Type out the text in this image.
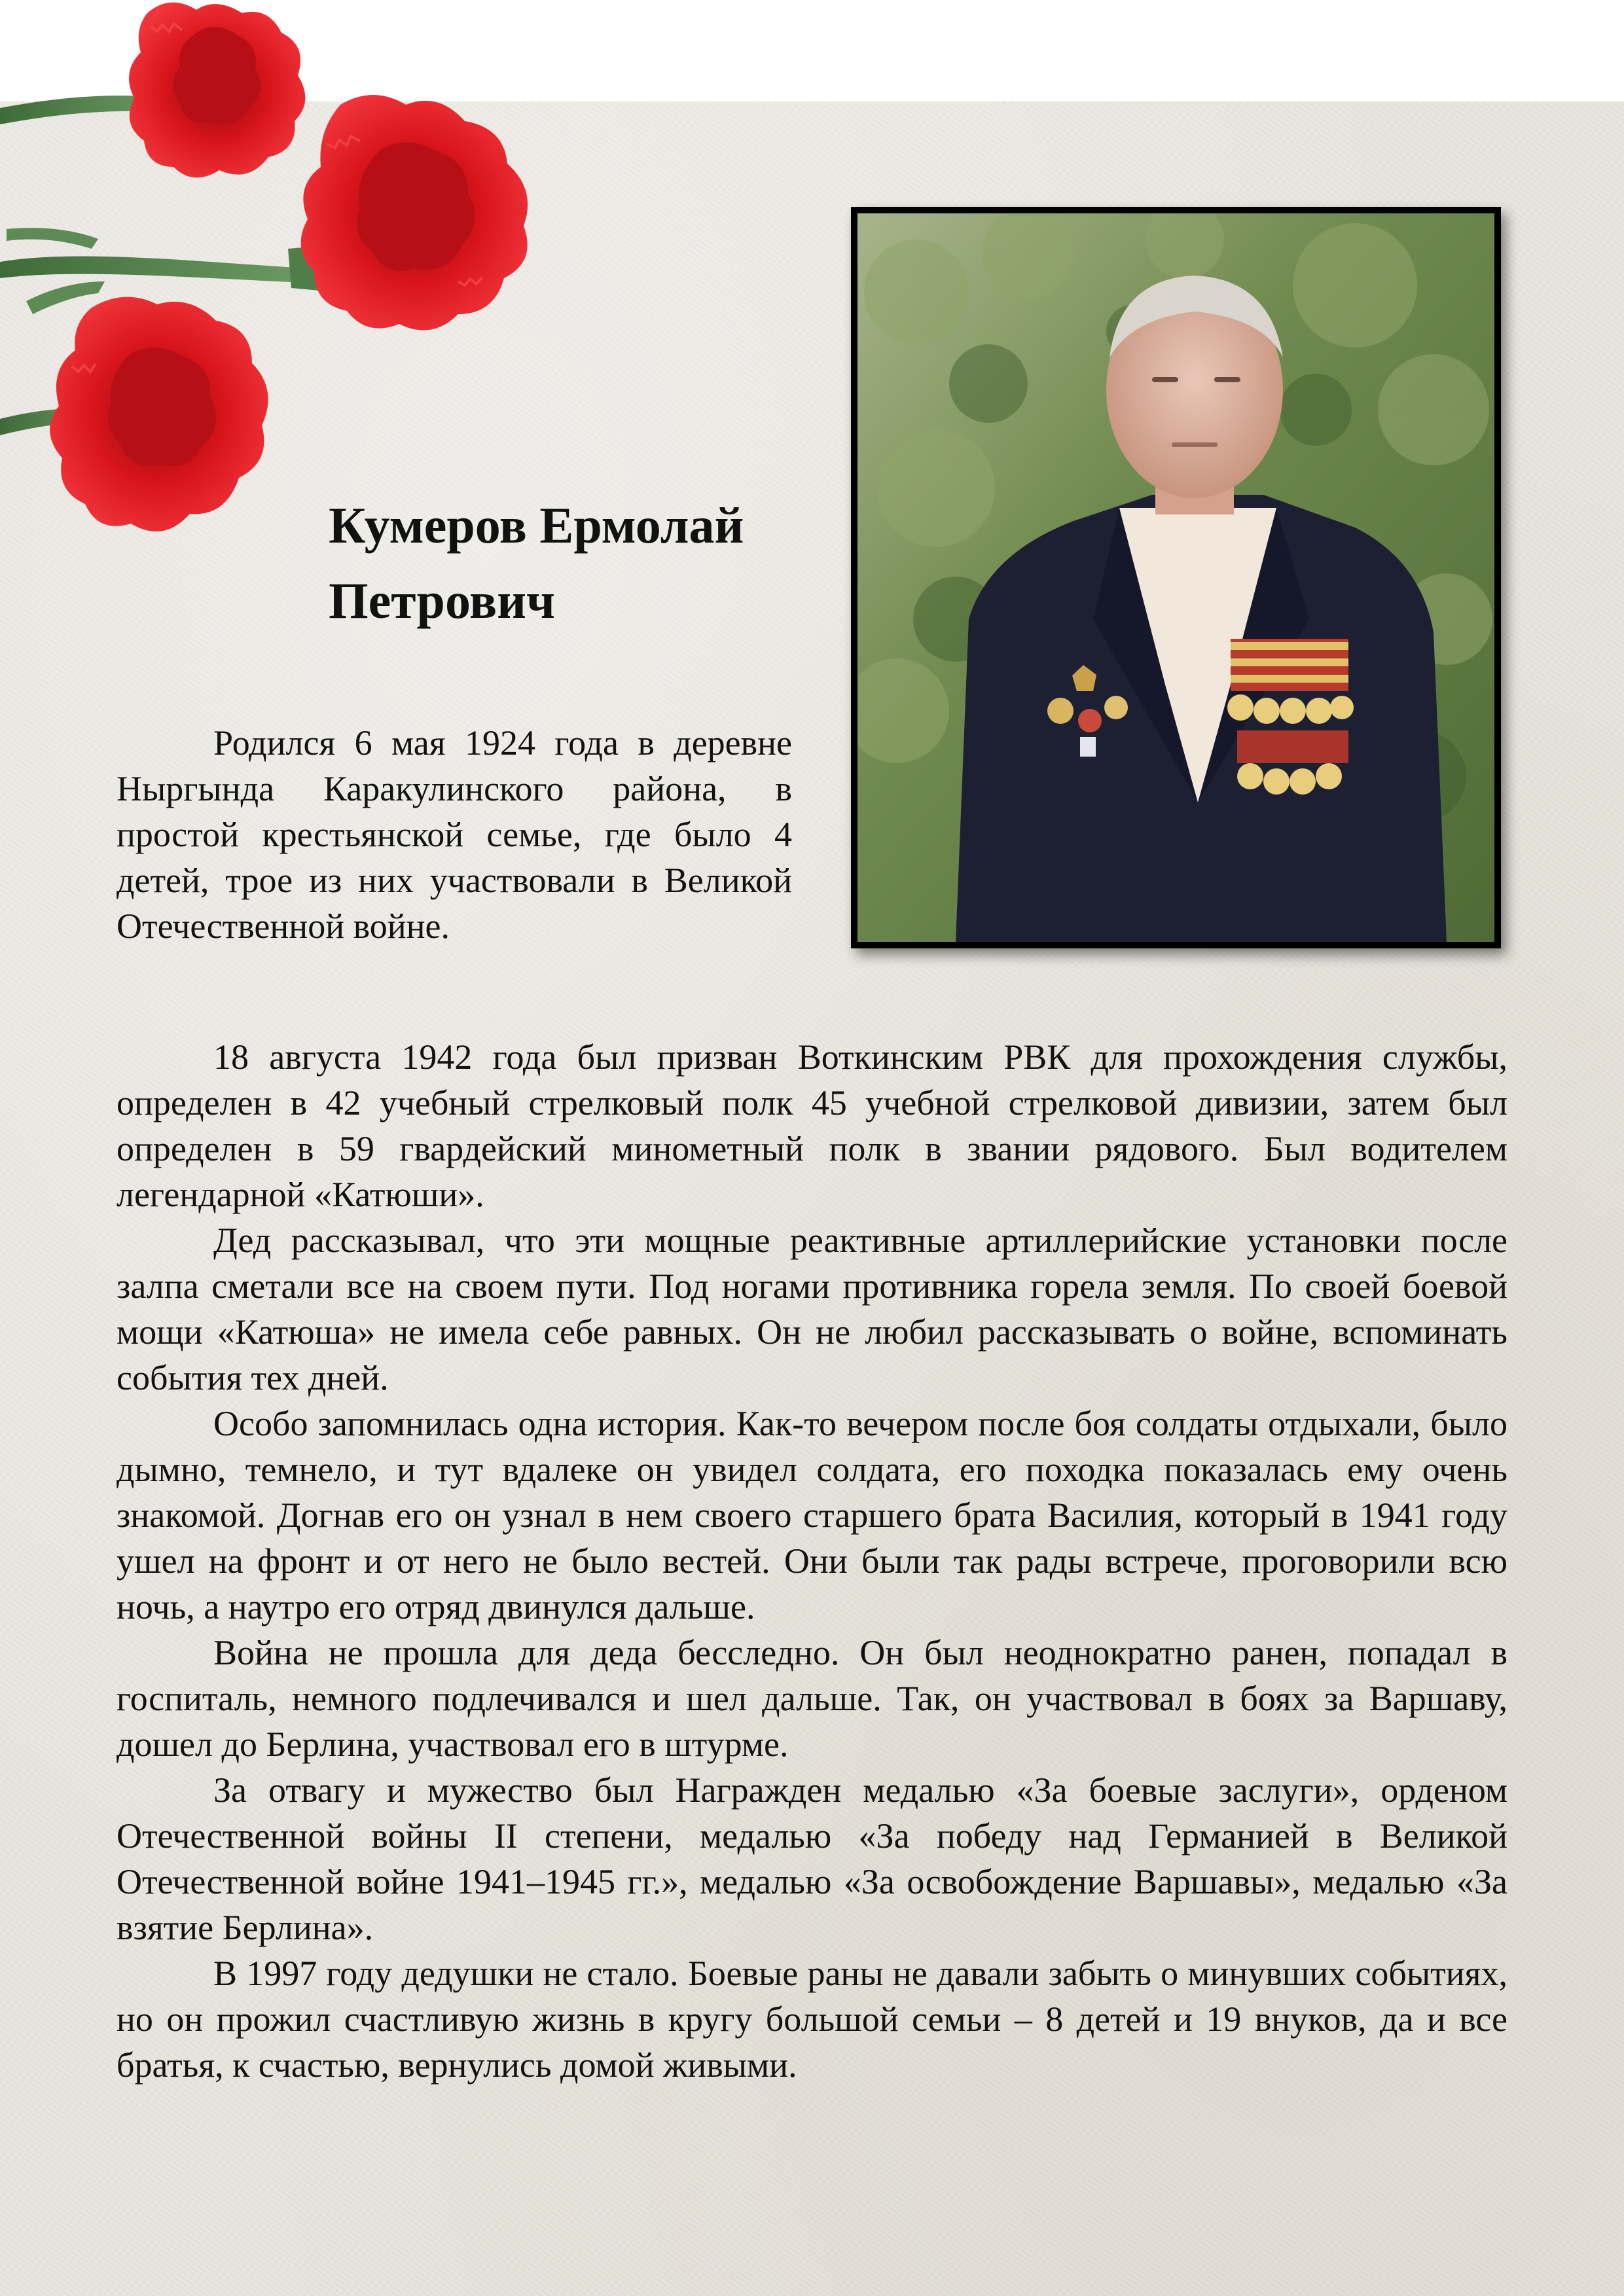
Кумеров Ермолай
Петрович

Родился 6 мая 1924 года в деревне Ныргында Каракулинского района, в простой крестьянской семье, где было 4 детей, трое из них участвовали в Великой Отечественной войне.

18 августа 1942 года был призван Воткинским РВК для прохождения службы, определен в 42 учебный стрелковый полк 45 учебной стрелковой дивизии, затем был определен в 59 гвардейский минометный полк в звании рядового. Был водителем легендарной «Катюши».

Дед рассказывал, что эти мощные реактивные артиллерийские установки после залпа сметали все на своем пути. Под ногами противника горела земля. По своей боевой мощи «Катюша» не имела себе равных. Он не любил рассказывать о войне, вспоминать события тех дней.

Особо запомнилась одна история. Как-то вечером после боя солдаты отдыхали, было дымно, темнело, и тут вдалеке он увидел солдата, его походка показалась ему очень знакомой. Догнав его он узнал в нем своего старшего брата Василия, который в 1941 году ушел на фронт и от него не было вестей. Они были так рады встрече, проговорили всю ночь, а наутро его отряд двинулся дальше.

Война не прошла для деда бесследно. Он был неоднократно ранен, попадал в госпиталь, немного подлечивался и шел дальше. Так, он участвовал в боях за Варшаву, дошел до Берлина, участвовал его в штурме.

За отвагу и мужество был Награжден медалью «За боевые заслуги», орденом Отечественной войны II степени, медалью «За победу над Германией в Великой Отечественной войне 1941–1945 гг.», медалью «За освобождение Варшавы», медалью «За взятие Берлина».

В 1997 году дедушки не стало. Боевые раны не давали забыть о минувших событиях, но он прожил счастливую жизнь в кругу большой семьи – 8 детей и 19 внуков, да и все братья, к счастью, вернулись домой живыми.
